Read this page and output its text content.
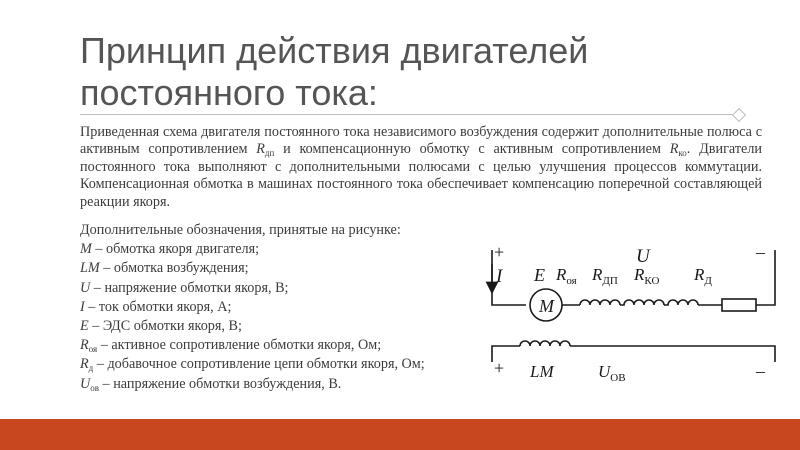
Принцип действия двигателей
постоянного тока:
Приведенная схема двигателя постоянного тока независимого возбуждения содержит дополнительные полюса с активным сопротивлением $R_{дп}$ и компенсационную обмотку с активным сопротивлением $R_{ко}$. Двигатели постоянного тока выполняют с дополнительными полюсами с целью улучшения процессов коммутации. Компенсационная обмотка в машинах постоянного тока обеспечивает компенсацию поперечной составляющей реакции якоря.
Дополнительные обозначения, принятые на рисунке:
M – обмотка якоря двигателя;
LM – обмотка возбуждения;
U – напряжение обмотки якоря, В;
I – ток обмотки якоря, А;
E – ЭДС обмотки якоря, В;
$R_{оя}$ – активное сопротивление обмотки якоря, Ом;
$R_д$ – добавочное сопротивление цепи обмотки якоря, Ом;
$U_{ов}$ – напряжение обмотки возбуждения, В.
+	–
I
U
E
M
$R_{оя}$ $R_{ДП}$ $R_{КО}$ $R_Д$
+ LM	$U_{ОВ}$	–
